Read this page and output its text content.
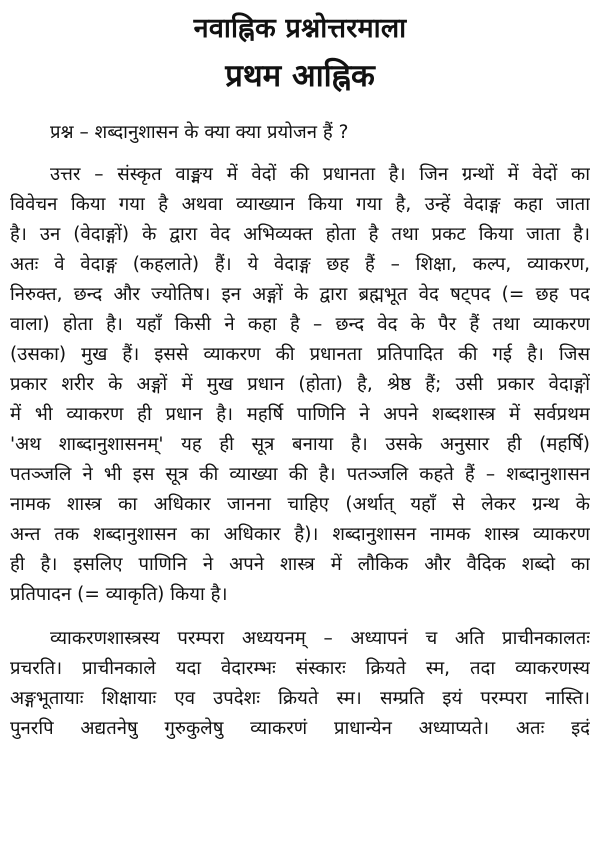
नवाह्निक प्रश्नोत्तरमाला
प्रथम आह्निक

प्रश्न – शब्दानुशासन के क्या क्या प्रयोजन हैं ?

उत्तर – संस्कृत वाङ्मय में वेदों की प्रधानता है। जिन ग्रन्थों में वेदों का
विवेचन किया गया है अथवा व्याख्यान किया गया है, उन्हें वेदाङ्ग कहा जाता
है। उन (वेदाङ्गों) के द्वारा वेद अभिव्यक्त होता है तथा प्रकट किया जाता है।
अतः वे वेदाङ्ग (कहलाते) हैं। ये वेदाङ्ग छह हैं – शिक्षा, कल्प, व्याकरण,
निरुक्त, छन्द और ज्योतिष। इन अङ्गों के द्वारा ब्रह्मभूत वेद षट्पद (= छह पद
वाला) होता है। यहाँ किसी ने कहा है – छन्द वेद के पैर हैं तथा व्याकरण
(उसका) मुख हैं। इससे व्याकरण की प्रधानता प्रतिपादित की गई है। जिस
प्रकार शरीर के अङ्गों में मुख प्रधान (होता) है, श्रेष्ठ हैं; उसी प्रकार वेदाङ्गों
में भी व्याकरण ही प्रधान है। महर्षि पाणिनि ने अपने शब्दशास्त्र में सर्वप्रथम
'अथ शाब्दानुशासनम्' यह ही सूत्र बनाया है। उसके अनुसार ही (महर्षि)
पतञ्जलि ने भी इस सूत्र की व्याख्या की है। पतञ्जलि कहते हैं – शब्दानुशासन
नामक शास्त्र का अधिकार जानना चाहिए (अर्थात् यहाँ से लेकर ग्रन्थ के
अन्त तक शब्दानुशासन का अधिकार है)। शब्दानुशासन नामक शास्त्र व्याकरण
ही है। इसलिए पाणिनि ने अपने शास्त्र में लौकिक और वैदिक शब्दो का
प्रतिपादन (= व्याकृति) किया है।
व्याकरणशास्त्रस्य परम्परा अध्ययनम् – अध्यापनं च अति प्राचीनकालतः
प्रचरति। प्राचीनकाले यदा वेदारम्भः संस्कारः क्रियते स्म, तदा व्याकरणस्य
अङ्गभूतायाः शिक्षायाः एव उपदेशः क्रियते स्म। सम्प्रति इयं परम्परा नास्ति।
पुनरपि अद्यतनेषु गुरुकुलेषु व्याकरणं प्राधान्येन अध्याप्यते। अतः इदं
